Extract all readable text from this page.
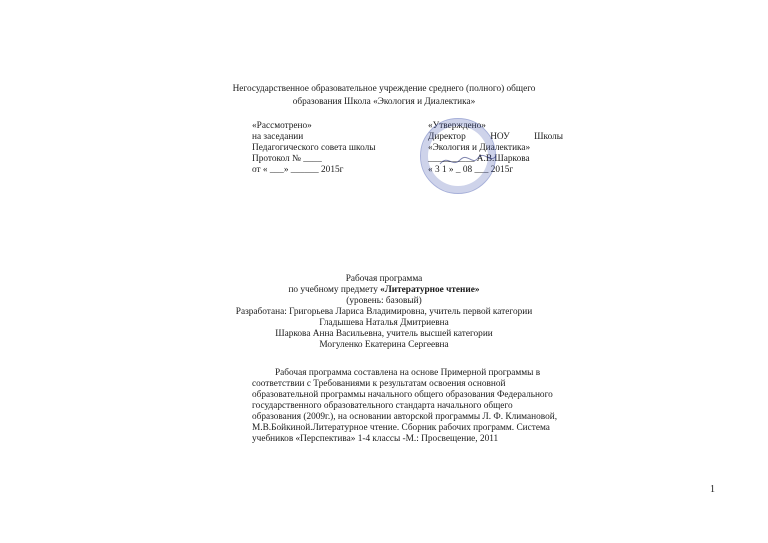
Негосударственное образовательное учреждение среднего (полного) общего
образования Школа «Экология и Диалектика»
«Рассмотрено»
на заседании
Педагогического совета школы
Протокол № ____
от « ___» ______ 2015г
«Утверждено»
Директор	НОУ	Школы
«Экология и Диалектика»
__________ А.В.Шаркова
« 3 1 » _ 08 ___ 2015г
Рабочая программа
по учебному предмету «Литературное чтение»
(уровень: базовый)
Разработана: Григорьева Лариса Владимировна, учитель первой категории
Гладышева Наталья Дмитриевна
Шаркова Анна Васильевна, учитель высшей категории
Могуленко Екатерина Сергеевна
Рабочая программа составлена на основе Примерной программы в
соответствии с Требованиями к результатам освоения основной
образовательной программы начального общего образования Федерального
государственного образовательного стандарта начального общего
образования (2009г.), на основании авторской программы Л. Ф. Климановой,
М.В.Бойкиной.Литературное чтение. Сборник рабочих программ. Система
учебников «Перспектива» 1-4 классы -М.: Просвещение, 2011
1
